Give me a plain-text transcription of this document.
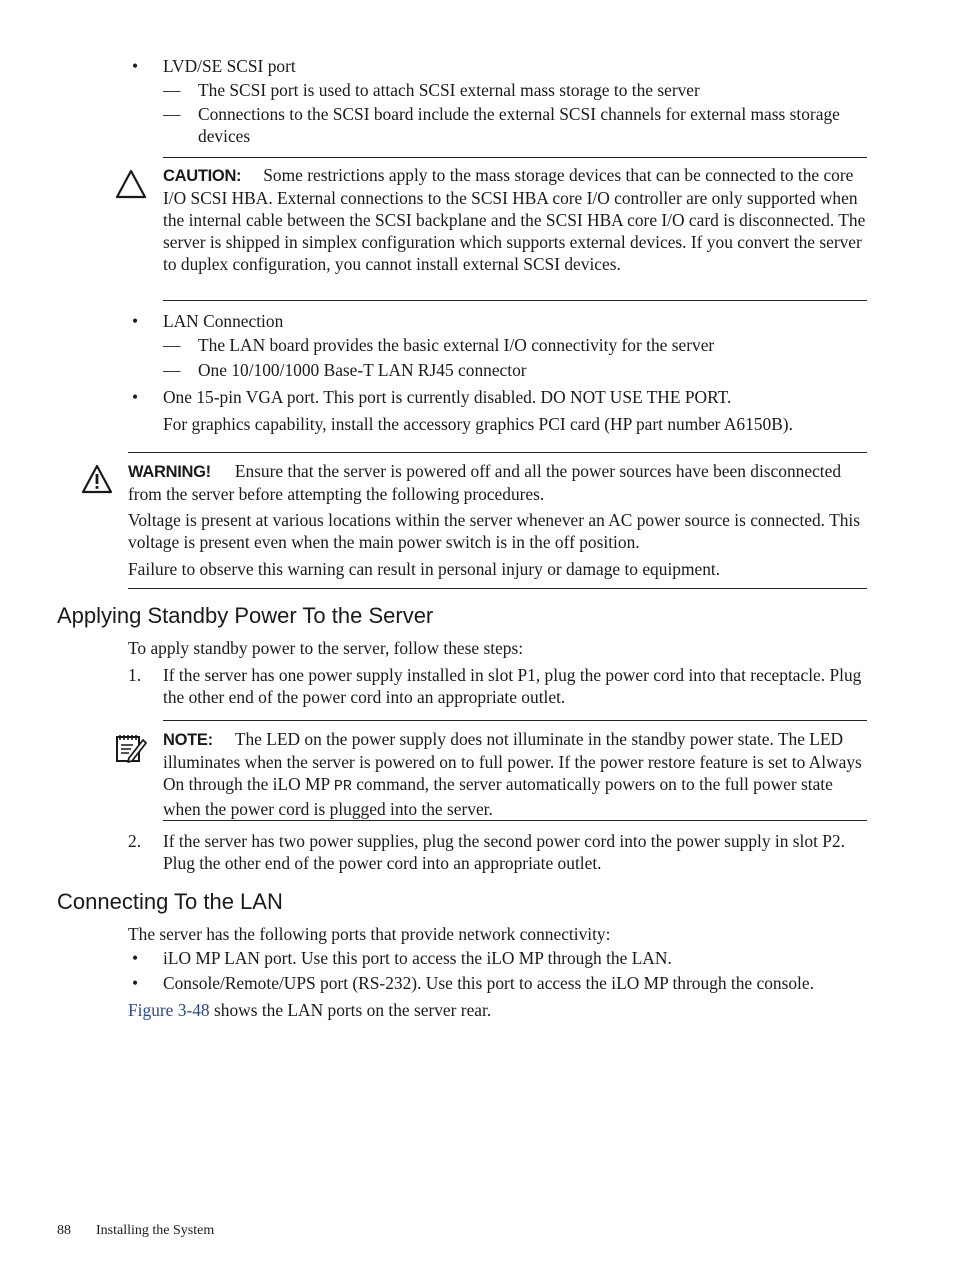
• LVD/SE SCSI port
— The SCSI port is used to attach SCSI external mass storage to the server
— Connections to the SCSI board include the external SCSI channels for external mass storage devices
CAUTION: Some restrictions apply to the mass storage devices that can be connected to the core I/O SCSI HBA. External connections to the SCSI HBA core I/O controller are only supported when the internal cable between the SCSI backplane and the SCSI HBA core I/O card is disconnected. The server is shipped in simplex configuration which supports external devices. If you convert the server to duplex configuration, you cannot install external SCSI devices.
• LAN Connection
— The LAN board provides the basic external I/O connectivity for the server
— One 10/100/1000 Base-T LAN RJ45 connector
• One 15-pin VGA port. This port is currently disabled. DO NOT USE THE PORT.
For graphics capability, install the accessory graphics PCI card (HP part number A6150B).
WARNING! Ensure that the server is powered off and all the power sources have been disconnected from the server before attempting the following procedures.
Voltage is present at various locations within the server whenever an AC power source is connected. This voltage is present even when the main power switch is in the off position.
Failure to observe this warning can result in personal injury or damage to equipment.
Applying Standby Power To the Server
To apply standby power to the server, follow these steps:
1. If the server has one power supply installed in slot P1, plug the power cord into that receptacle. Plug the other end of the power cord into an appropriate outlet.
NOTE: The LED on the power supply does not illuminate in the standby power state. The LED illuminates when the server is powered on to full power. If the power restore feature is set to Always On through the iLO MP PR command, the server automatically powers on to the full power state when the power cord is plugged into the server.
2. If the server has two power supplies, plug the second power cord into the power supply in slot P2. Plug the other end of the power cord into an appropriate outlet.
Connecting To the LAN
The server has the following ports that provide network connectivity:
• iLO MP LAN port. Use this port to access the iLO MP through the LAN.
• Console/Remote/UPS port (RS-232). Use this port to access the iLO MP through the console.
Figure 3-48 shows the LAN ports on the server rear.
88 Installing the System
